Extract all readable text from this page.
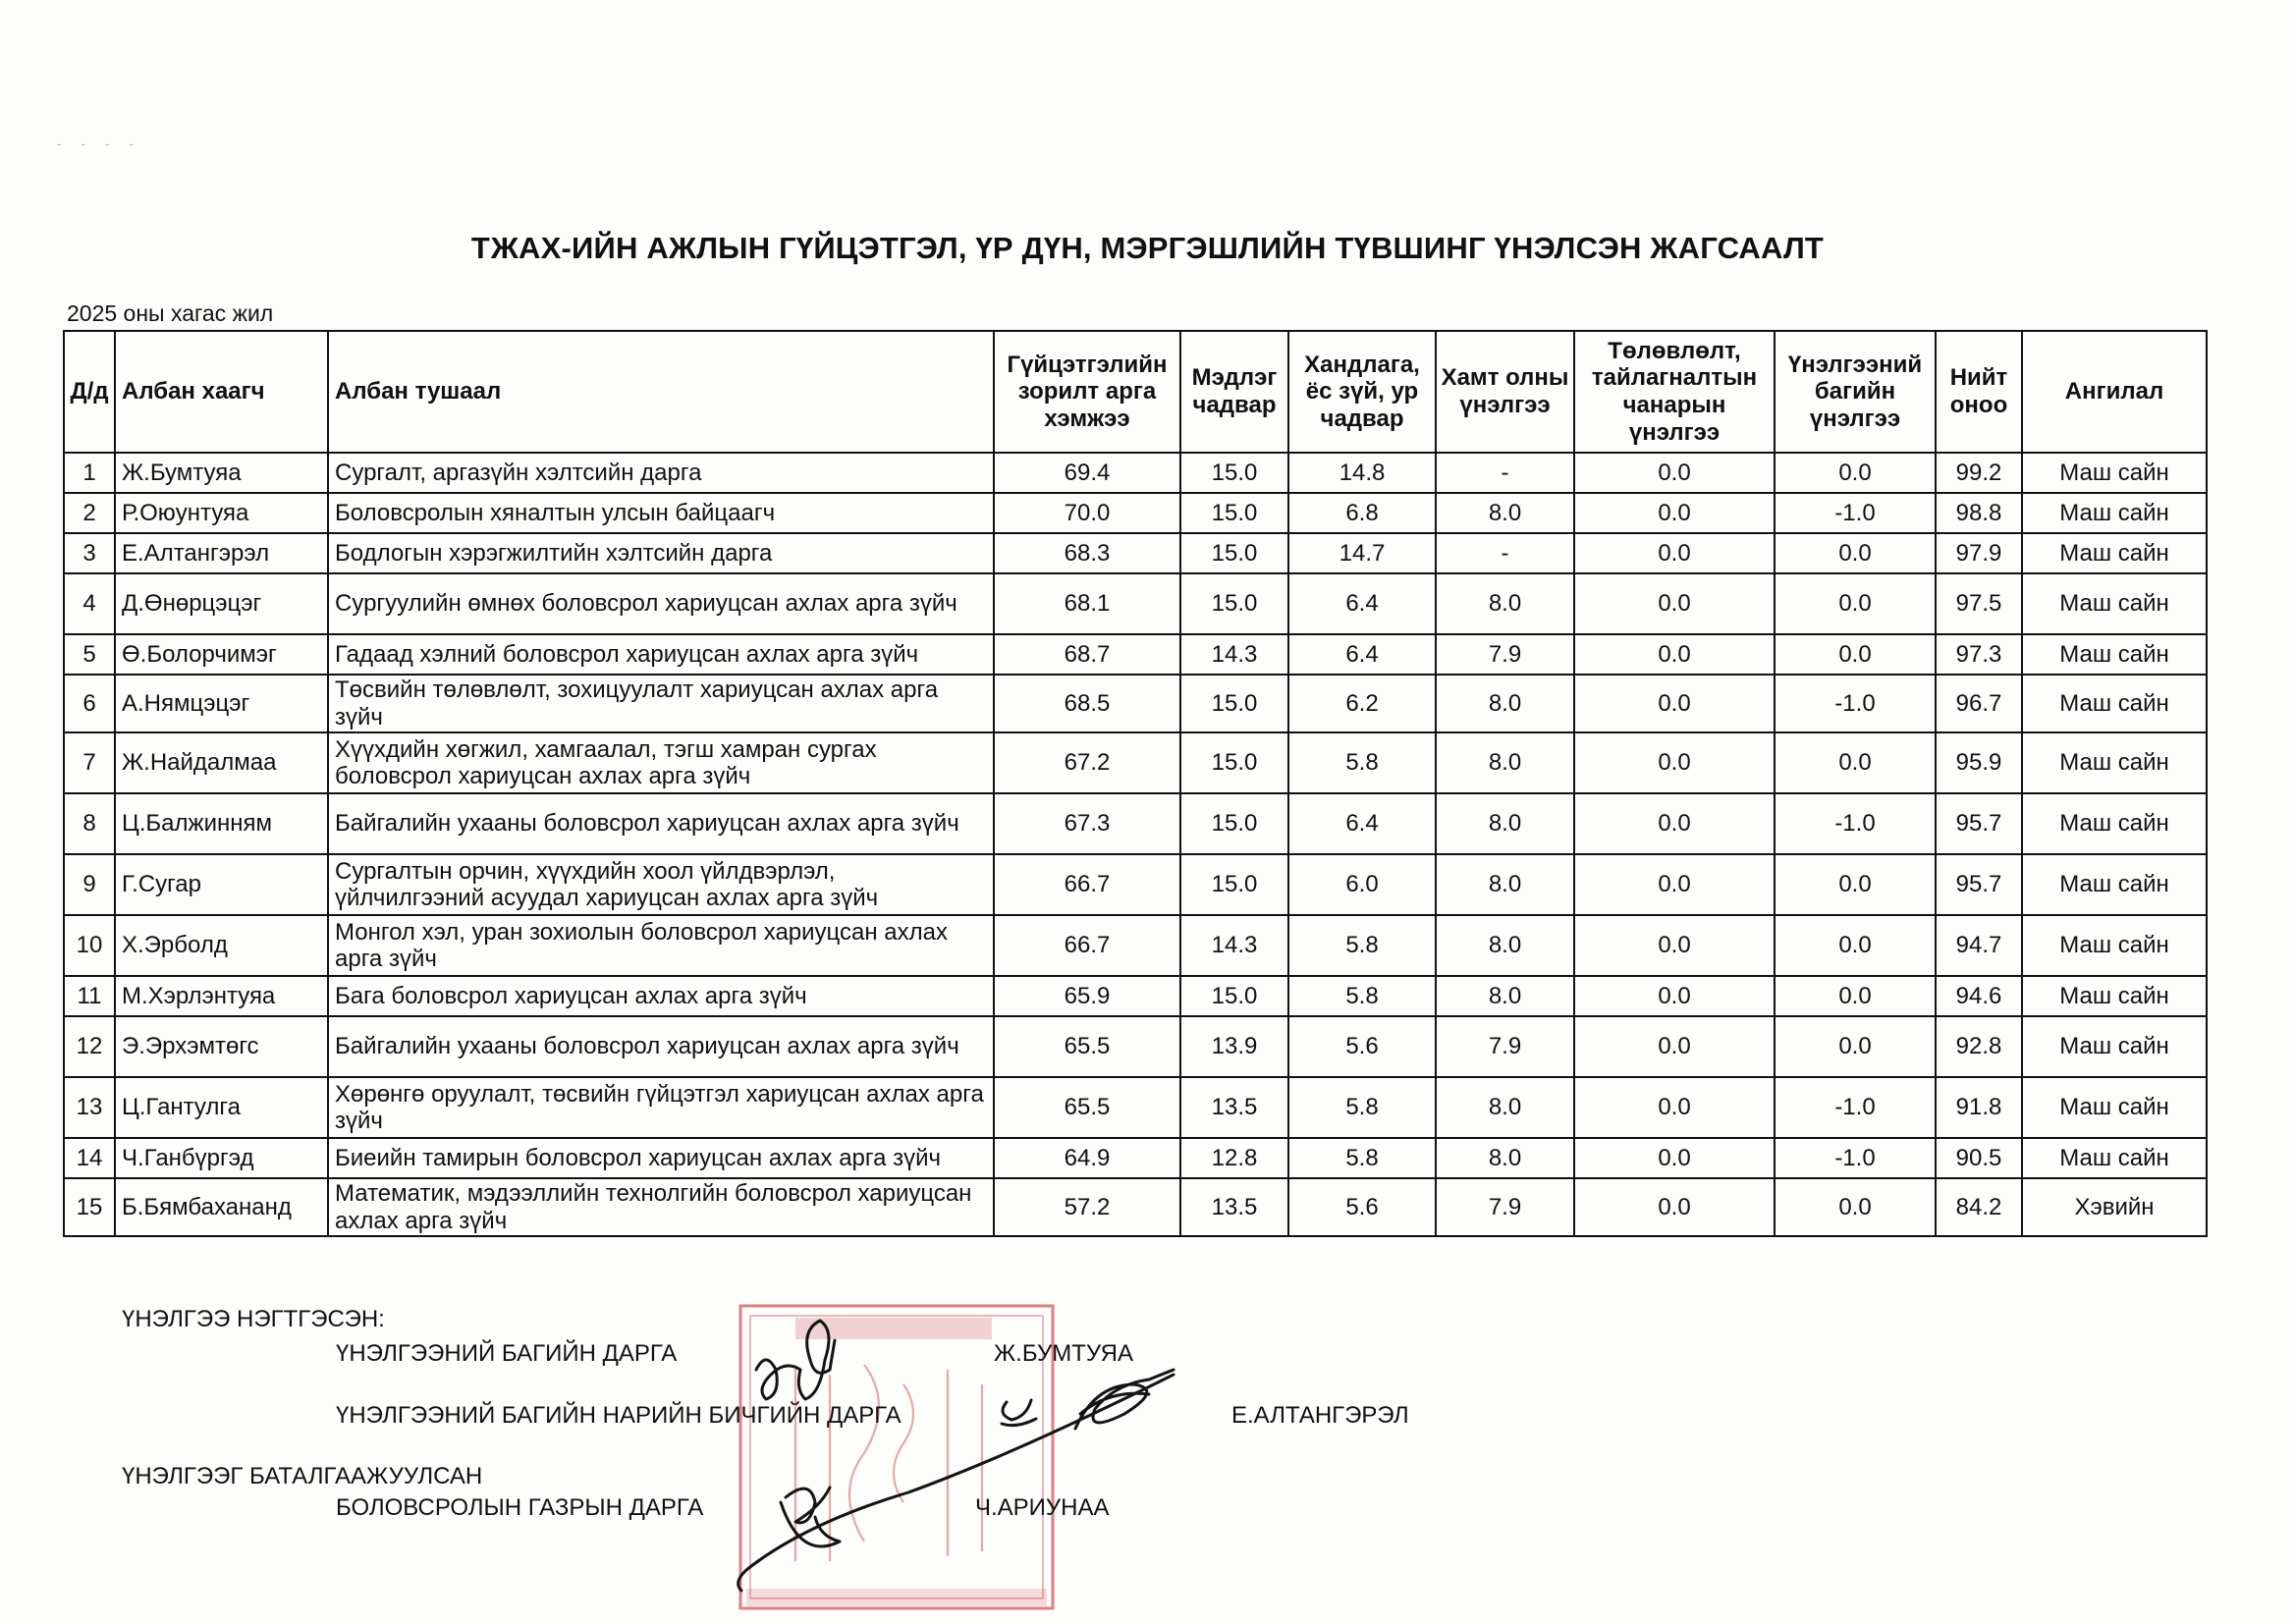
- - - -
ТЖАХ-ИЙН АЖЛЫН ГҮЙЦЭТГЭЛ, ҮР ДҮН, МЭРГЭШЛИЙН ТҮВШИНГ ҮНЭЛСЭН ЖАГСААЛТ
2025 оны хагас жил
Д/д	Албан хаагч	Албан тушаал	Гүйцэтгэлийн зорилт арга хэмжээ	Мэдлэг чадвар	Хандлага, ёс зүй, ур чадвар	Хамт олны үнэлгээ	Төлөвлөлт, тайлагналтын чанарын үнэлгээ	Үнэлгээний багийн үнэлгээ	Нийт оноо	Ангилал
1	Ж.Бумтуяа	Сургалт, аргазүйн хэлтсийн дарга	69.4	15.0	14.8	-	0.0	0.0	99.2	Маш сайн
2	Р.Оюунтуяа	Боловсролын хяналтын улсын байцаагч	70.0	15.0	6.8	8.0	0.0	-1.0	98.8	Маш сайн
3	Е.Алтангэрэл	Бодлогын хэрэгжилтийн хэлтсийн дарга	68.3	15.0	14.7	-	0.0	0.0	97.9	Маш сайн
4	Д.Өнөрцэцэг	Сургуулийн өмнөх боловсрол хариуцсан ахлах арга зүйч	68.1	15.0	6.4	8.0	0.0	0.0	97.5	Маш сайн
5	Ө.Болорчимэг	Гадаад хэлний боловсрол хариуцсан ахлах арга зүйч	68.7	14.3	6.4	7.9	0.0	0.0	97.3	Маш сайн
6	А.Нямцэцэг	Төсвийн төлөвлөлт, зохицуулалт хариуцсан ахлах арга зүйч	68.5	15.0	6.2	8.0	0.0	-1.0	96.7	Маш сайн
7	Ж.Найдалмаа	Хүүхдийн хөгжил, хамгаалал, тэгш хамран сургах боловсрол хариуцсан ахлах арга зүйч	67.2	15.0	5.8	8.0	0.0	0.0	95.9	Маш сайн
8	Ц.Балжинням	Байгалийн ухааны боловсрол хариуцсан ахлах арга зүйч	67.3	15.0	6.4	8.0	0.0	-1.0	95.7	Маш сайн
9	Г.Сугар	Сургалтын орчин, хүүхдийн хоол үйлдвэрлэл, үйлчилгээний асуудал хариуцсан ахлах арга зүйч	66.7	15.0	6.0	8.0	0.0	0.0	95.7	Маш сайн
10	Х.Эрболд	Монгол хэл, уран зохиолын боловсрол хариуцсан ахлах арга зүйч	66.7	14.3	5.8	8.0	0.0	0.0	94.7	Маш сайн
11	М.Хэрлэнтуяа	Бага боловсрол хариуцсан ахлах арга зүйч	65.9	15.0	5.8	8.0	0.0	0.0	94.6	Маш сайн
12	Э.Эрхэмтөгс	Байгалийн ухааны боловсрол хариуцсан ахлах арга зүйч	65.5	13.9	5.6	7.9	0.0	0.0	92.8	Маш сайн
13	Ц.Гантулга	Хөрөнгө оруулалт, төсвийн гүйцэтгэл хариуцсан ахлах арга зүйч	65.5	13.5	5.8	8.0	0.0	-1.0	91.8	Маш сайн
14	Ч.Ганбүргэд	Биеийн тамирын боловсрол хариуцсан ахлах арга зүйч	64.9	12.8	5.8	8.0	0.0	-1.0	90.5	Маш сайн
15	Б.Бямбахананд	Математик, мэдээллийн технолгийн боловсрол хариуцсан ахлах арга зүйч	57.2	13.5	5.6	7.9	0.0	0.0	84.2	Хэвийн
ҮНЭЛГЭЭ НЭГТГЭСЭН:
ҮНЭЛГЭЭНИЙ БАГИЙН ДАРГА	Ж.БУМТУЯА
ҮНЭЛГЭЭНИЙ БАГИЙН НАРИЙН БИЧГИЙН ДАРГА	Е.АЛТАНГЭРЭЛ
ҮНЭЛГЭЭГ БАТАЛГААЖУУЛСАН
БОЛОВСРОЛЫН ГАЗРЫН ДАРГА	Ч.АРИУНАА
